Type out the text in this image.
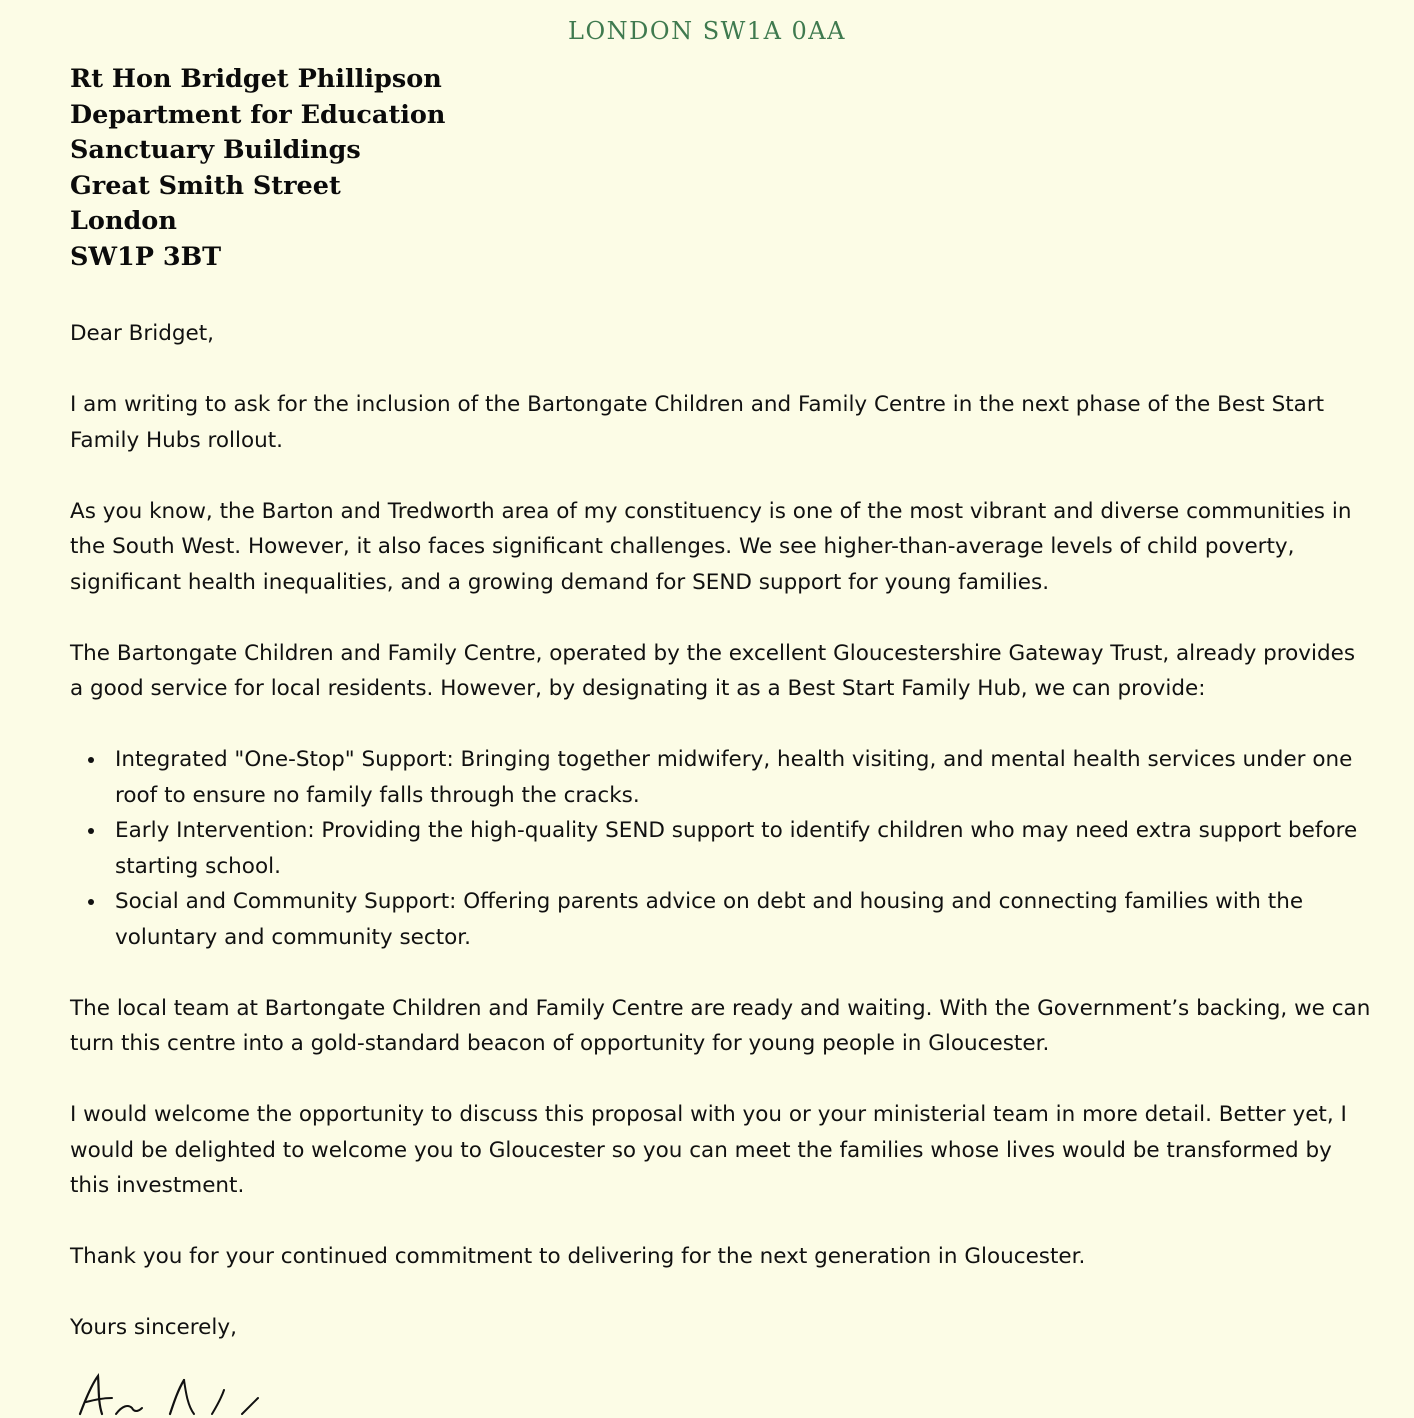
LONDON SW1A 0AA
Rt Hon Bridget Phillipson
Department for Education
Sanctuary Buildings
Great Smith Street
London
SW1P 3BT

Dear Bridget,

I am writing to ask for the inclusion of the Bartongate Children and Family Centre in the next phase of the Best Start Family Hubs rollout.

As you know, the Barton and Tredworth area of my constituency is one of the most vibrant and diverse communities in the South West. However, it also faces significant challenges. We see higher-than-average levels of child poverty, significant health inequalities, and a growing demand for SEND support for young families.

The Bartongate Children and Family Centre, operated by the excellent Gloucestershire Gateway Trust, already provides a good service for local residents. However, by designating it as a Best Start Family Hub, we can provide:

Integrated "One-Stop" Support: Bringing together midwifery, health visiting, and mental health services under one roof to ensure no family falls through the cracks.
Early Intervention: Providing the high-quality SEND support to identify children who may need extra support before starting school.
Social and Community Support: Offering parents advice on debt and housing and connecting families with the voluntary and community sector.

The local team at Bartongate Children and Family Centre are ready and waiting. With the Government’s backing, we can turn this centre into a gold-standard beacon of opportunity for young people in Gloucester.

I would welcome the opportunity to discuss this proposal with you or your ministerial team in more detail. Better yet, I would be delighted to welcome you to Gloucester so you can meet the families whose lives would be transformed by this investment.

Thank you for your continued commitment to delivering for the next generation in Gloucester.

Yours sincerely,
